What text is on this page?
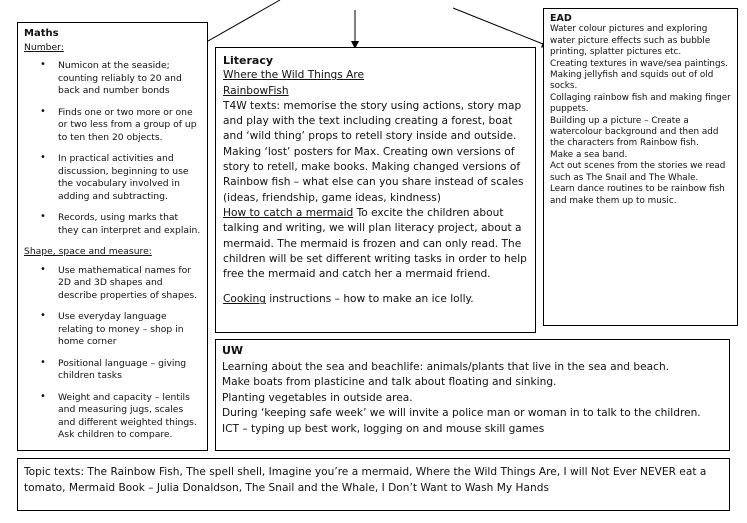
Maths
Number:
• Numicon at the seaside; counting reliably to 20 and back and number bonds
• Finds one or two more or one or two less from a group of up to ten then 20 objects.
• In practical activities and discussion, beginning to use the vocabulary involved in adding and subtracting.
• Records, using marks that they can interpret and explain.
Shape, space and measure:
• Use mathematical names for 2D and 3D shapes and describe properties of shapes.
• Use everyday language relating to money – shop in home corner
• Positional language – giving children tasks
• Weight and capacity – lentils and measuring jugs, scales and different weighted things. Ask children to compare.
Literacy
Where the Wild Things Are
RainbowFish

T4W texts: memorise the story using actions, story map and play with the text including creating a forest, boat and ‘wild thing’ props to retell story inside and outside. Making ‘lost’ posters for Max. Creating own versions of story to retell, make books. Making changed versions of Rainbow fish – what else can you share instead of scales (ideas, friendship, game ideas, kindness)

How to catch a mermaid To excite the children about talking and writing, we will plan literacy project, about a mermaid. The mermaid is frozen and can only read. The children will be set different writing tasks in order to help free the mermaid and catch her a mermaid friend.

Cooking instructions – how to make an ice lolly.

EAD
Water colour pictures and exploring water picture effects such as bubble printing, splatter pictures etc.
Creating textures in wave/sea paintings.
Making jellyfish and squids out of old socks.
Collaging rainbow fish and making finger puppets.
Building up a picture – Create a watercolour background and then add the characters from Rainbow fish.
Make a sea band.
Act out scenes from the stories we read such as The Snail and The Whale.
Learn dance routines to be rainbow fish and make them up to music.
UW
Learning about the sea and beachlife: animals/plants that live in the sea and beach.
Make boats from plasticine and talk about floating and sinking.
Planting vegetables in outside area.
During ‘keeping safe week’ we will invite a police man or woman in to talk to the children.
ICT – typing up best work, logging on and mouse skill games

Topic texts: The Rainbow Fish, The spell shell, Imagine you’re a mermaid, Where the Wild Things Are, I will Not Ever NEVER eat a tomato, Mermaid Book – Julia Donaldson, The Snail and the Whale, I Don’t Want to Wash My Hands
